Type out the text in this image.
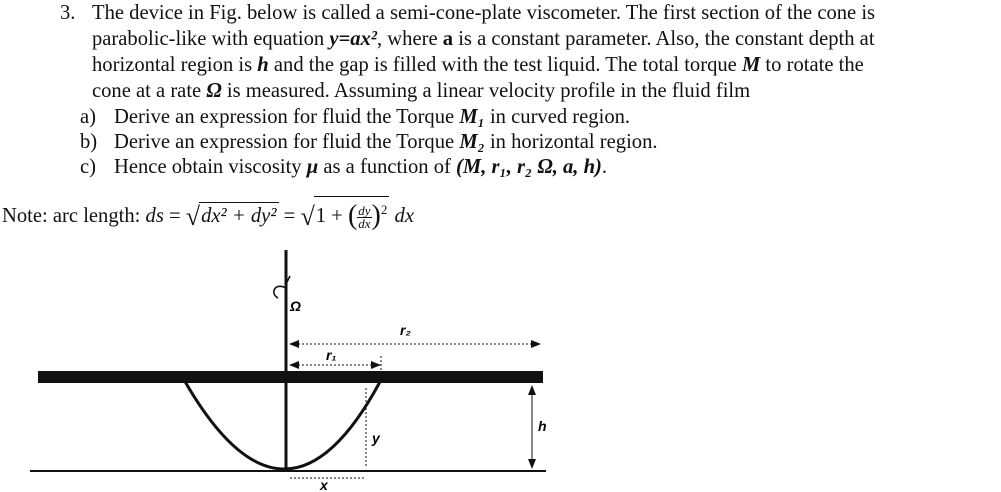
3. The device in Fig. below is called a semi-cone-plate viscometer. The first section of the cone is
parabolic-like with equation y=ax², where a is a constant parameter. Also, the constant depth at
horizontal region is h and the gap is filled with the test liquid. The total torque M to rotate the
cone at a rate Ω is measured. Assuming a linear velocity profile in the fluid film
a) Derive an expression for fluid the Torque M₁ in curved region.
b) Derive an expression for fluid the Torque M₂ in horizontal region.
c) Hence obtain viscosity μ as a function of (M, r₁, r₂ Ω, a, h).
Note: arc length: ds = √dx² + dy² = √1 + ( $\frac{dy}{dx} )^2$ dx
Ω
r₂
r₁
y
x
h
